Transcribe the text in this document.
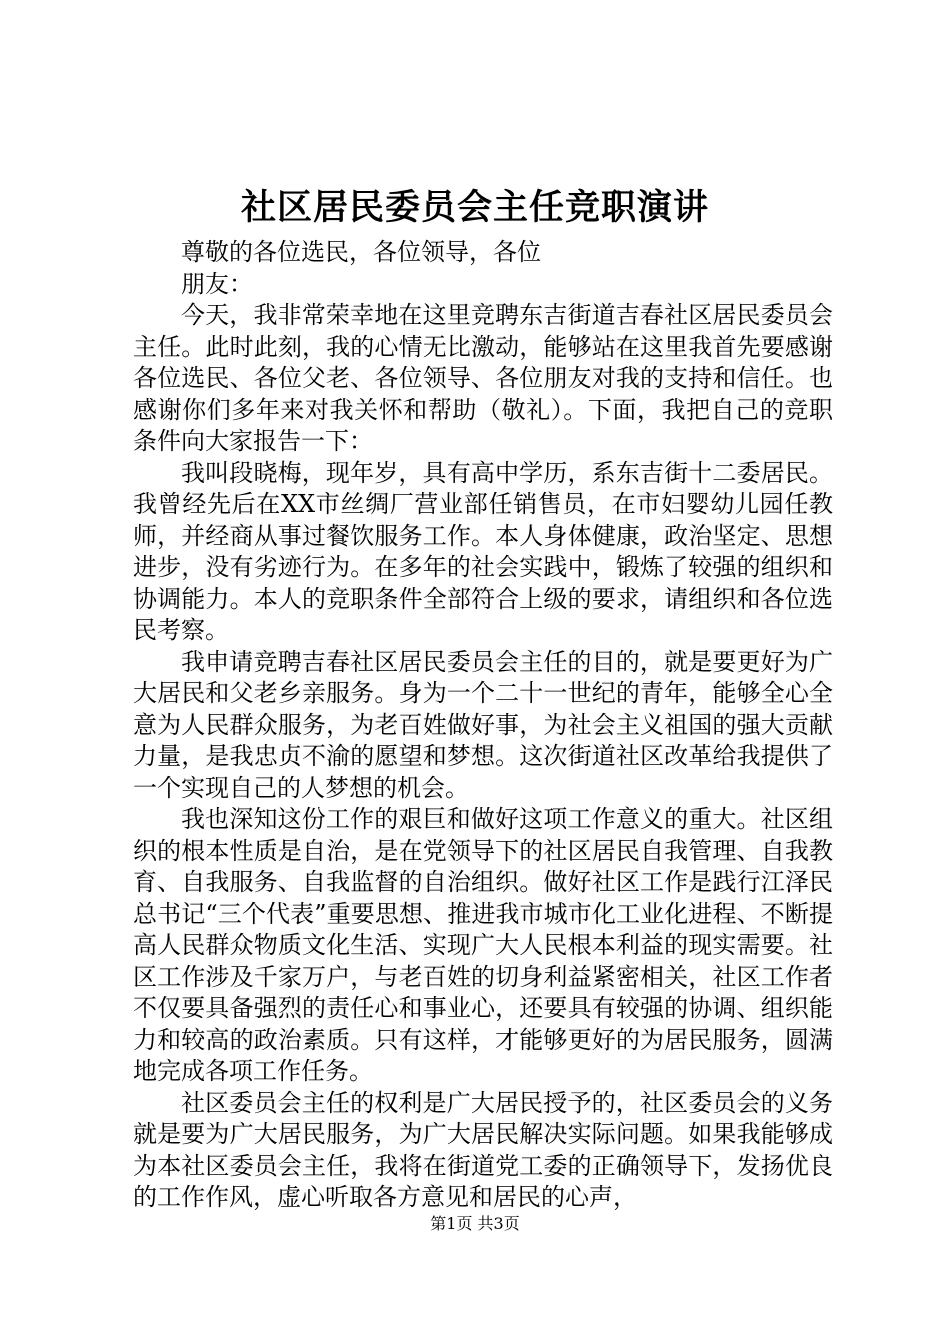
社区居民委员会主任竞职演讲

尊敬的各位选民，各位领导，各位

朋友：

今天，我非常荣幸地在这里竞聘东吉街道吉春社区居民委员会主任。此时此刻，我的心情无比激动，能够站在这里我首先要感谢各位选民、各位父老、各位领导、各位朋友对我的支持和信任。也感谢你们多年来对我关怀和帮助（敬礼）。下面，我把自己的竞职条件向大家报告一下：

我叫段晓梅，现年岁，具有高中学历，系东吉街十二委居民。我曾经先后在XX市丝绸厂营业部任销售员，在市妇婴幼儿园任教师，并经商从事过餐饮服务工作。本人身体健康，政治坚定、思想进步，没有劣迹行为。在多年的社会实践中，锻炼了较强的组织和协调能力。本人的竞职条件全部符合上级的要求，请组织和各位选民考察。

我申请竞聘吉春社区居民委员会主任的目的，就是要更好为广大居民和父老乡亲服务。身为一个二十一世纪的青年，能够全心全意为人民群众服务，为老百姓做好事，为社会主义祖国的强大贡献力量，是我忠贞不渝的愿望和梦想。这次街道社区改革给我提供了一个实现自己的人梦想的机会。

我也深知这份工作的艰巨和做好这项工作意义的重大。社区组织的根本性质是自治，是在党领导下的社区居民自我管理、自我教育、自我服务、自我监督的自治组织。做好社区工作是践行江泽民总书记“三个代表”重要思想、推进我市城市化工业化进程、不断提高人民群众物质文化生活、实现广大人民根本利益的现实需要。社区工作涉及千家万户，与老百姓的切身利益紧密相关，社区工作者不仅要具备强烈的责任心和事业心，还要具有较强的协调、组织能力和较高的政治素质。只有这样，才能够更好的为居民服务，圆满地完成各项工作任务。

社区委员会主任的权利是广大居民授予的，社区委员会的义务就是要为广大居民服务，为广大居民解决实际问题。如果我能够成为本社区委员会主任，我将在街道党工委的正确领导下，发扬优良的工作作风，虚心听取各方意见和居民的心声，

第1页 共3页
